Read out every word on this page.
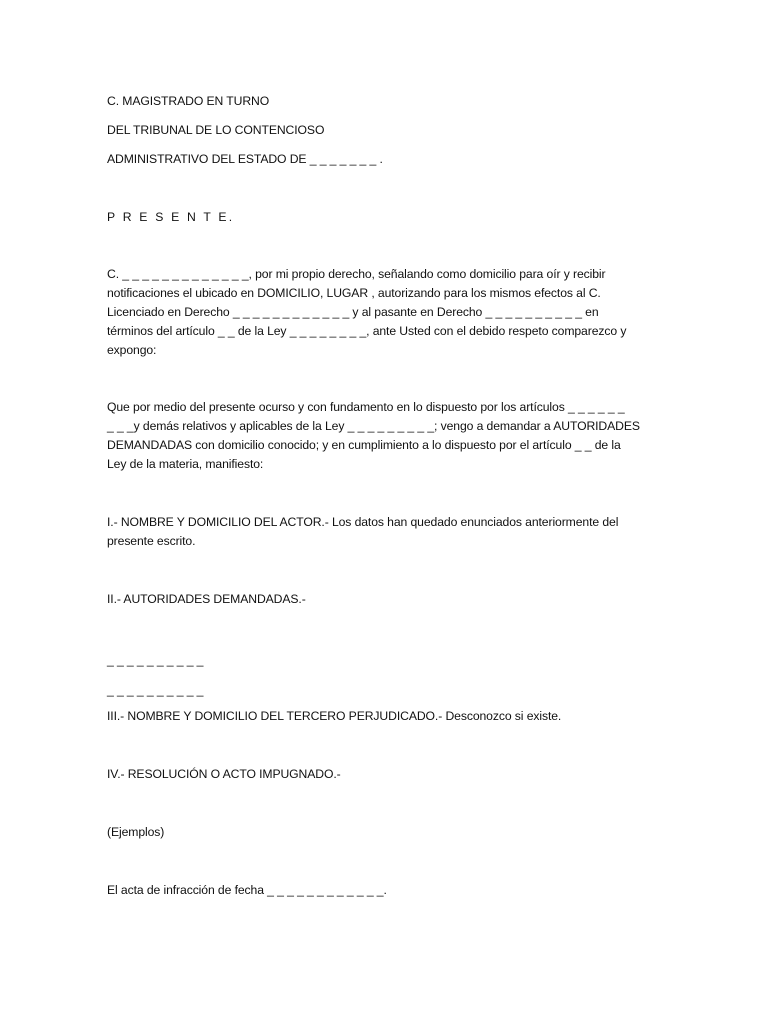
C. MAGISTRADO EN TURNO
DEL TRIBUNAL DE LO CONTENCIOSO
ADMINISTRATIVO DEL ESTADO DE _ _ _ _ _ _ _ .
P R E S E N T E.
C. _ _ _ _ _ _ _ _ _ _ _ _ _, por mi propio derecho, señalando como domicilio para oír y recibir
notificaciones el ubicado en DOMICILIO, LUGAR , autorizando para los mismos efectos al C.
Licenciado en Derecho _ _ _ _ _ _ _ _ _ _ _ _ y al pasante en Derecho _ _ _ _ _ _ _ _ _ _ en
términos del artículo _ _ de la Ley _ _ _ _ _ _ _ _, ante Usted con el debido respeto comparezco y
expongo:
Que por medio del presente ocurso y con fundamento en lo dispuesto por los artículos _ _ _ _ _ _
_ _ _y demás relativos y aplicables de la Ley _ _ _ _ _ _ _ _ _; vengo a demandar a AUTORIDADES
DEMANDADAS con domicilio conocido; y en cumplimiento a lo dispuesto por el artículo _ _ de la
Ley de la materia, manifiesto:
I.- NOMBRE Y DOMICILIO DEL ACTOR.- Los datos han quedado enunciados anteriormente del
presente escrito.
II.- AUTORIDADES DEMANDADAS.-
_ _ _ _ _ _ _ _ _ _
_ _ _ _ _ _ _ _ _ _
III.- NOMBRE Y DOMICILIO DEL TERCERO PERJUDICADO.- Desconozco si existe.
IV.- RESOLUCIÓN O ACTO IMPUGNADO.-
(Ejemplos)
El acta de infracción de fecha _ _ _ _ _ _ _ _ _ _ _ _.
